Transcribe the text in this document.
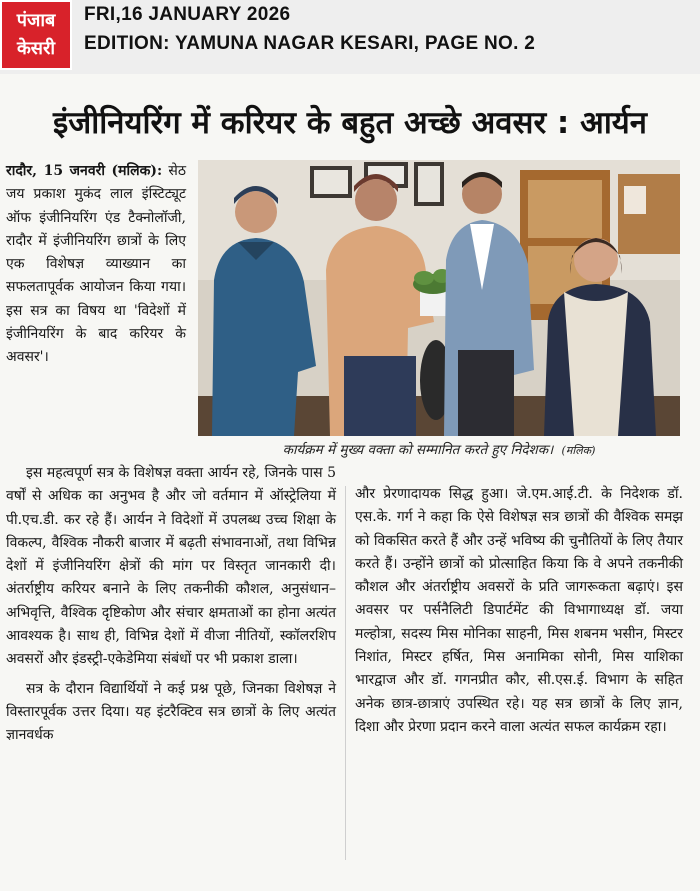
पंजाब
केसरी
FRI,16 JANUARY 2026
EDITION: YAMUNA NAGAR KESARI, PAGE NO. 2
इंजीनियरिंग में करियर के बहुत अच्छे अवसर : आर्यन

रादौर, 15 जनवरी (मलिक): सेठ जय प्रकाश मुकंद लाल इंस्टिट्यूट ऑफ इंजीनियरिंग एंड टैक्नोलॉजी, रादौर में इंजीनियरिंग छात्रों के लिए एक विशेषज्ञ व्याख्यान का सफलतापूर्वक आयोजन किया गया। इस सत्र का विषय था 'विदेशों में इंजीनियरिंग के बाद करियर के अवसर'।

कार्यक्रम में मुख्य वक्ता को सम्मानित करते हुए निदेशक। (मलिक)

इस महत्वपूर्ण सत्र के विशेषज्ञ वक्ता आर्यन रहे, जिनके पास 5 वर्षों से अधिक का अनुभव है और जो वर्तमान में ऑस्ट्रेलिया में पी.एच.डी. कर रहे हैं। आर्यन ने विदेशों में उपलब्ध उच्च शिक्षा के विकल्प, वैश्विक नौकरी बाजार में बढ़ती संभावनाओं, तथा विभिन्न देशों में इंजीनियरिंग क्षेत्रों की मांग पर विस्तृत जानकारी दी। अंतर्राष्ट्रीय करियर बनाने के लिए तकनीकी कौशल, अनुसंधान–अभिवृत्ति, वैश्विक दृष्टिकोण और संचार क्षमताओं का होना अत्यंत आवश्यक है। साथ ही, विभिन्न देशों में वीजा नीतियों, स्कॉलरशिप अवसरों और इंडस्ट्री-एकेडेमिया संबंधों पर भी प्रकाश डाला।

सत्र के दौरान विद्यार्थियों ने कई प्रश्न पूछे, जिनका विशेषज्ञ ने विस्तारपूर्वक उत्तर दिया। यह इंटरैक्टिव सत्र छात्रों के लिए अत्यंत ज्ञानवर्धक

और प्रेरणादायक सिद्ध हुआ। जे.एम.आई.टी. के निदेशक डॉ. एस.के. गर्ग ने कहा कि ऐसे विशेषज्ञ सत्र छात्रों की वैश्विक समझ को विकसित करते हैं और उन्हें भविष्य की चुनौतियों के लिए तैयार करते हैं। उन्होंने छात्रों को प्रोत्साहित किया कि वे अपने तकनीकी कौशल और अंतर्राष्ट्रीय अवसरों के प्रति जागरूकता बढ़ाएं। इस अवसर पर पर्सनैलिटी डिपार्टमेंट की विभागाध्यक्ष डॉ. जया मल्होत्रा, सदस्य मिस मोनिका साहनी, मिस शबनम भसीन, मिस्टर निशांत, मिस्टर हर्षित, मिस अनामिका सोनी, मिस याशिका भारद्वाज और डॉ. गगनप्रीत कौर, सी.एस.ई. विभाग के सहित अनेक छात्र-छात्राएं उपस्थित रहे। यह सत्र छात्रों के लिए ज्ञान, दिशा और प्रेरणा प्रदान करने वाला अत्यंत सफल कार्यक्रम रहा।
